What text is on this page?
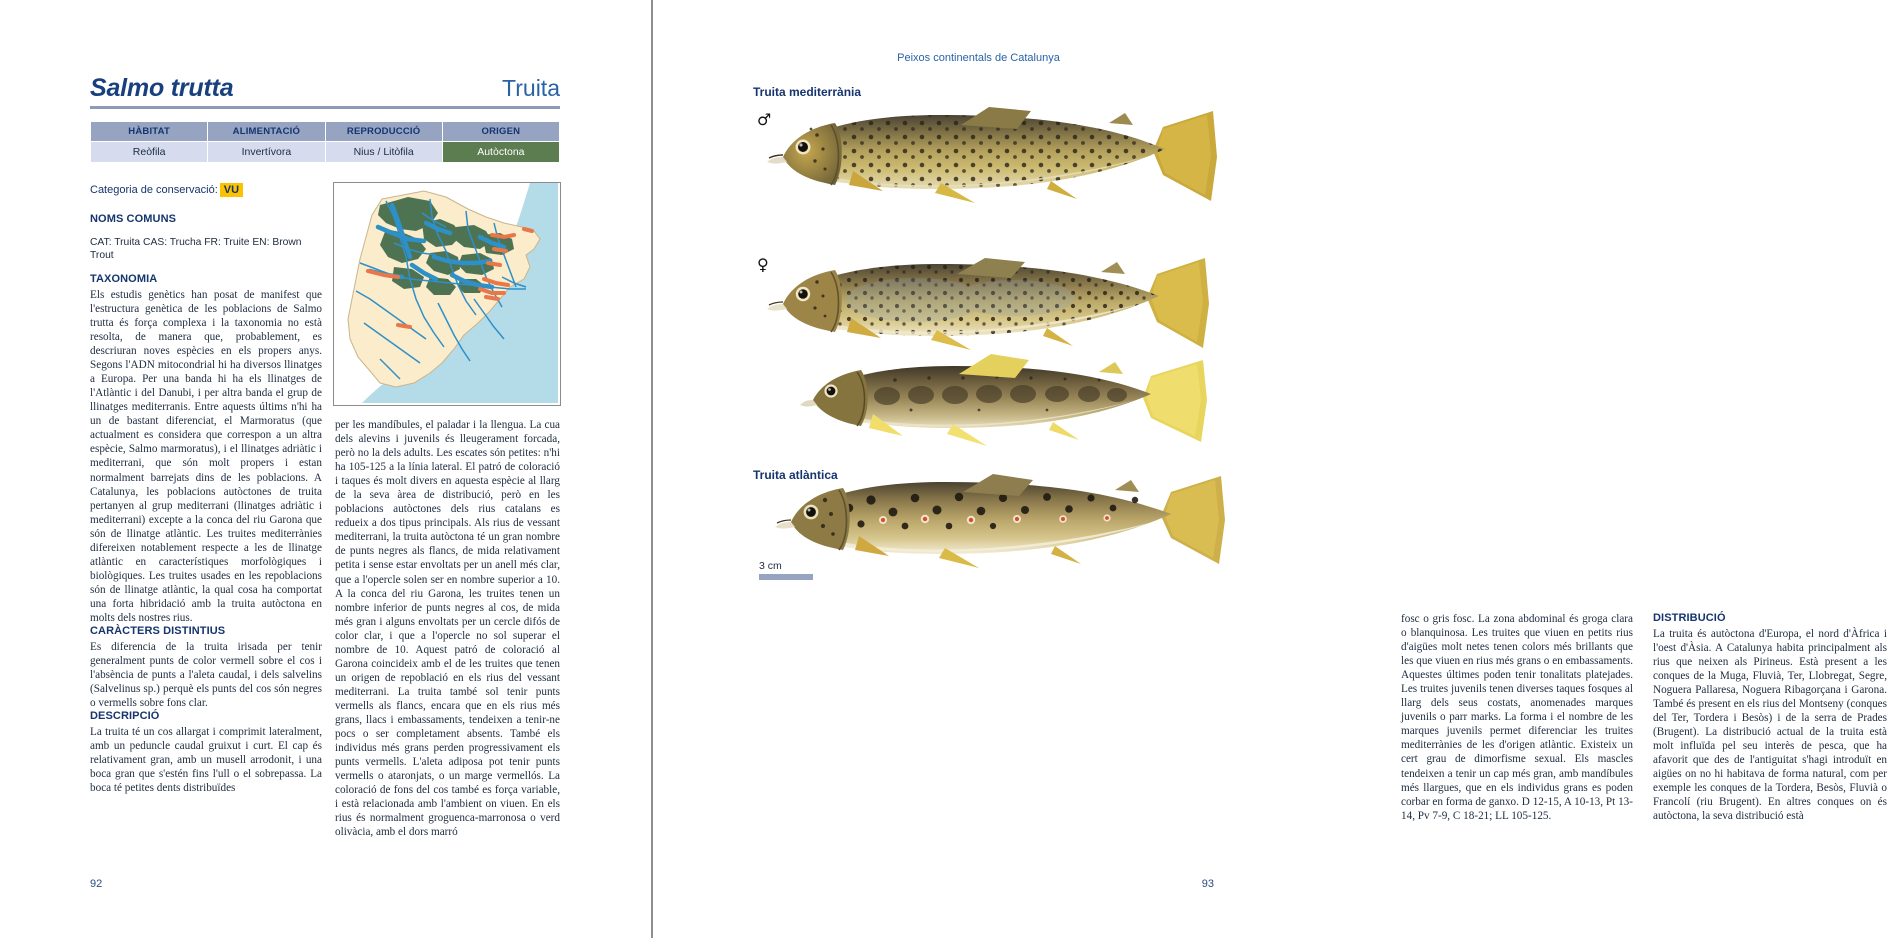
Salmo trutta	Truita
HÀBITAT	ALIMENTACIÓ	REPRODUCCIÓ	ORIGEN
Reòfila	Invertívora	Nius / Litòfila	Autòctona
Categoria de conservació: VU
NOMS COMUNS

CAT: Truita CAS: Trucha FR: Truite EN: Brown Trout

TAXONOMIA

Els estudis genètics han posat de manifest que l'estructura genètica de les poblacions de Salmo trutta és força complexa i la taxonomia no està resolta, de manera que, probablement, es descriuran noves espècies en els propers anys. Segons l'ADN mitocondrial hi ha diversos llinatges a Europa. Per una banda hi ha els llinatges de l'Atlàntic i del Danubi, i per altra banda el grup de llinatges mediterranis. Entre aquests últims n'hi ha un de bastant diferenciat, el Marmoratus (que actualment es considera que correspon a un altra espècie, Salmo marmoratus), i el llinatges adriàtic i mediterrani, que són molt propers i estan normalment barrejats dins de les poblacions. A Catalunya, les poblacions autòctones de truita pertanyen al grup mediterrani (llinatges adriàtic i mediterrani) excepte a la conca del riu Garona que són de llinatge atlàntic. Les truites mediterrànies difereixen notablement respecte a les de llinatge atlàntic en característiques morfològiques i biològiques. Les truites usades en les repoblacions són de llinatge atlàntic, la qual cosa ha comportat una forta hibridació amb la truita autòctona en molts dels nostres rius.

CARÀCTERS DISTINTIUS

Es diferencia de la truita irisada per tenir generalment punts de color vermell sobre el cos i l'absència de punts a l'aleta caudal, i dels salvelins (Salvelinus sp.) perquè els punts del cos són negres o vermells sobre fons clar.

DESCRIPCIÓ

La truita té un cos allargat i comprimit lateralment, amb un peduncle caudal gruixut i curt. El cap és relativament gran, amb un musell arrodonit, i una boca gran que s'estén fins l'ull o el sobrepassa. La boca té petites dents distribuïdes

per les mandíbules, el paladar i la llengua. La cua dels alevins i juvenils és lleugerament forcada, però no la dels adults. Les escates són petites: n'hi ha 105-125 a la línia lateral. El patró de coloració i taques és molt divers en aquesta espècie al llarg de la seva àrea de distribució, però en les poblacions autòctones dels rius catalans es redueix a dos tipus principals. Als rius de vessant mediterrani, la truita autòctona té un gran nombre de punts negres als flancs, de mida relativament petita i sense estar envoltats per un anell més clar, que a l'opercle solen ser en nombre superior a 10. A la conca del riu Garona, les truites tenen un nombre inferior de punts negres al cos, de mida més gran i alguns envoltats per un cercle difós de color clar, i que a l'opercle no sol superar el nombre de 10. Aquest patró de coloració al Garona coincideix amb el de les truites que tenen un origen de repoblació en els rius del vessant mediterrani. La truita també sol tenir punts vermells als flancs, encara que en els rius més grans, llacs i embassaments, tendeixen a tenir-ne pocs o ser completament absents. També els individus més grans perden progressivament els punts vermells. L'aleta adiposa pot tenir punts vermells o ataronjats, o un marge vermellós. La coloració de fons del cos també es força variable, i està relacionada amb l'ambient on viuen. En els rius és normalment groguenca-marronosa o verd olivàcia, amb el dors marró

92
Peixos continentals de Catalunya
Truita mediterrània
♂
♀
Truita atlàntica
3 cm

fosc o gris fosc. La zona abdominal és groga clara o blanquinosa. Les truites que viuen en petits rius d'aigües molt netes tenen colors més brillants que les que viuen en rius més grans o en embassaments. Aquestes últimes poden tenir tonalitats platejades. Les truites juvenils tenen diverses taques fosques al llarg dels seus costats, anomenades marques juvenils o parr marks. La forma i el nombre de les marques juvenils permet diferenciar les truites mediterrànies de les d'origen atlàntic. Existeix un cert grau de dimorfisme sexual. Els mascles tendeixen a tenir un cap més gran, amb mandíbules més llargues, que en els individus grans es poden corbar en forma de ganxo. D 12-15, A 10-13, Pt 13-14, Pv 7-9, C 18-21; LL 105-125.

DISTRIBUCIÓ

La truita és autòctona d'Europa, el nord d'Àfrica i l'oest d'Àsia. A Catalunya habita principalment als rius que neixen als Pirineus. Està present a les conques de la Muga, Fluvià, Ter, Llobregat, Segre, Noguera Pallaresa, Noguera Ribagorçana i Garona. També és present en els rius del Montseny (conques del Ter, Tordera i Besòs) i de la serra de Prades (Brugent). La distribució actual de la truita està molt influïda pel seu interès de pesca, que ha afavorit que des de l'antiguitat s'hagi introduït en aigües on no hi habitava de forma natural, com per exemple les conques de la Tordera, Besòs, Fluvià o Francolí (riu Brugent). En altres conques on és autòctona, la seva distribució està

93
